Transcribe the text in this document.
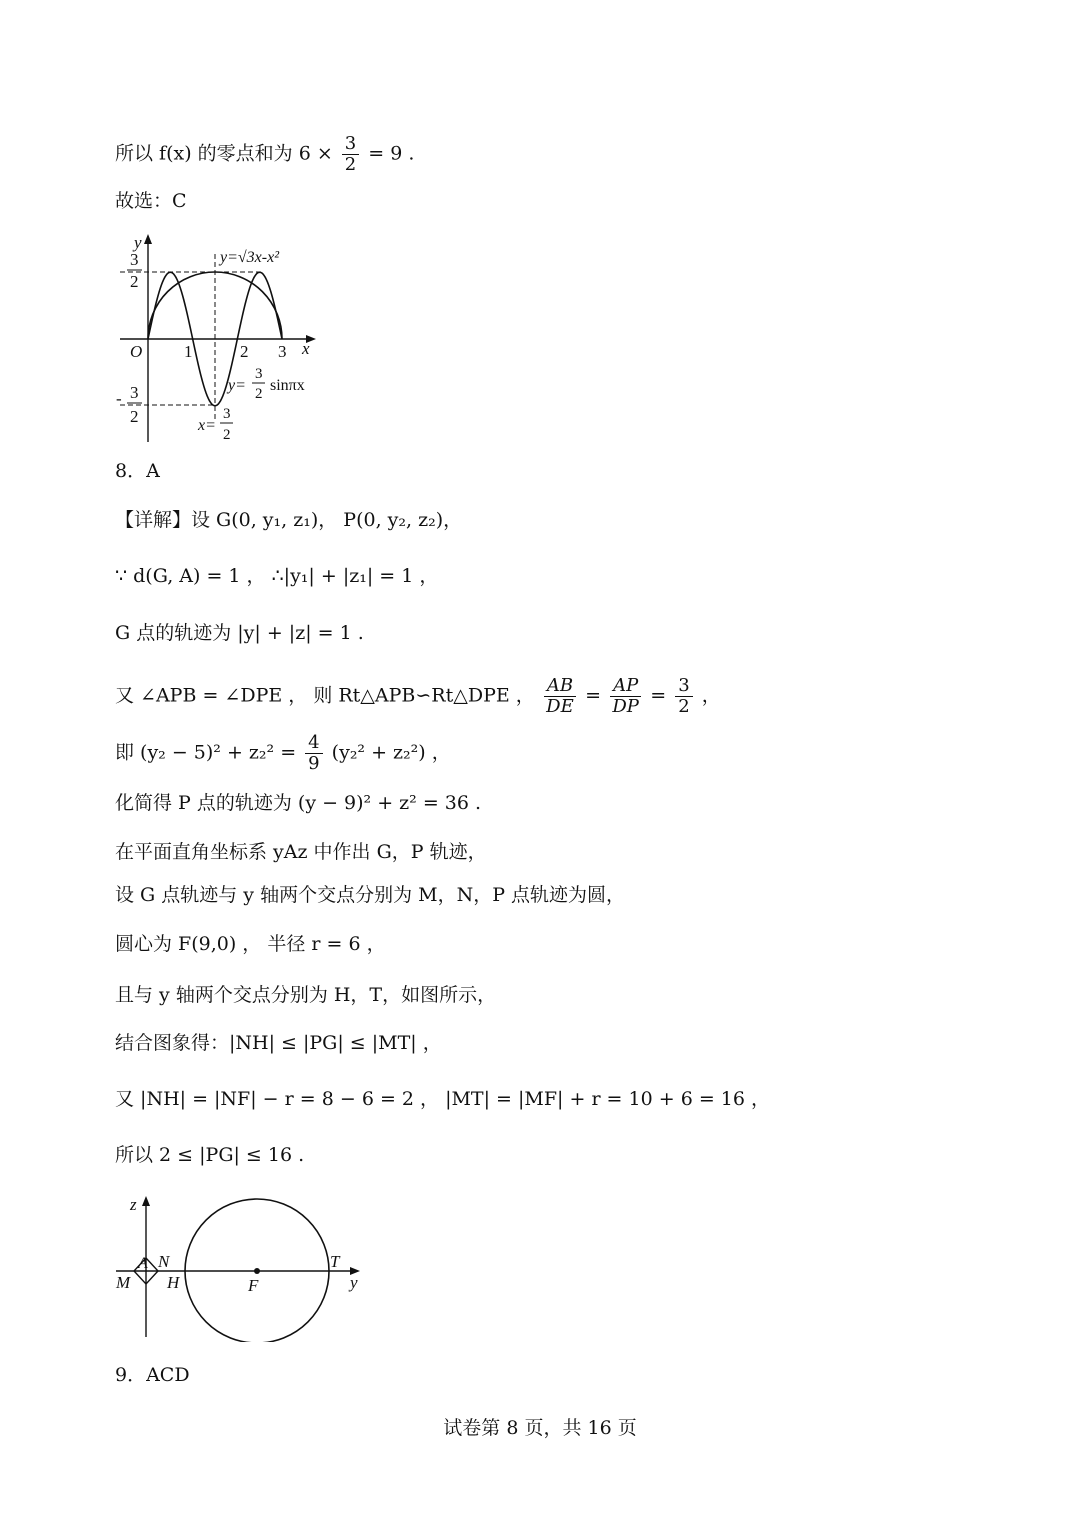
所以 f(x) 的零点和为 $6 \times \frac{3}{2} = 9$ .
故选：C
y
x
O 1	2 3
3
2
- 3
2
y=√3x-x²
y=
3
2 sinπx
x=
3
2
8．A
【详解】设 G(0, y₁, z₁)， P(0, y₂, z₂)，
∵ d(G, A) = 1 ， ∴|y₁| + |z₁| = 1 ，
G 点的轨迹为 |y| + |z| = 1 .
又 ∠APB = ∠DPE ， 则 Rt△APB∽Rt△DPE ， $\frac{AB}{DE} = \frac{AP}{DP} = \frac{3}{2}$ ，
即 $(y_2 - 5)^2 + z_2^2 = \frac{4}{9} (y_2^2 + z_2^2)$ ，
化简得 P 点的轨迹为 (y − 9)² + z² = 36 .
在平面直角坐标系 yAz 中作出 G，P 轨迹，
设 G 点轨迹与 y 轴两个交点分别为 M，N，P 点轨迹为圆，
圆心为 F(9,0) ， 半径 r = 6 ，
且与 y 轴两个交点分别为 H，T，如图所示，
结合图象得：|NH| ≤ |PG| ≤ |MT| ，
又 |NH| = |NF| − r = 8 − 6 = 2 ， |MT| = |MF| + r = 10 + 6 = 16 ，
所以 2 ≤ |PG| ≤ 16 .
z
y
A N
M H	F
T
9．ACD
试卷第 8 页，共 16 页
